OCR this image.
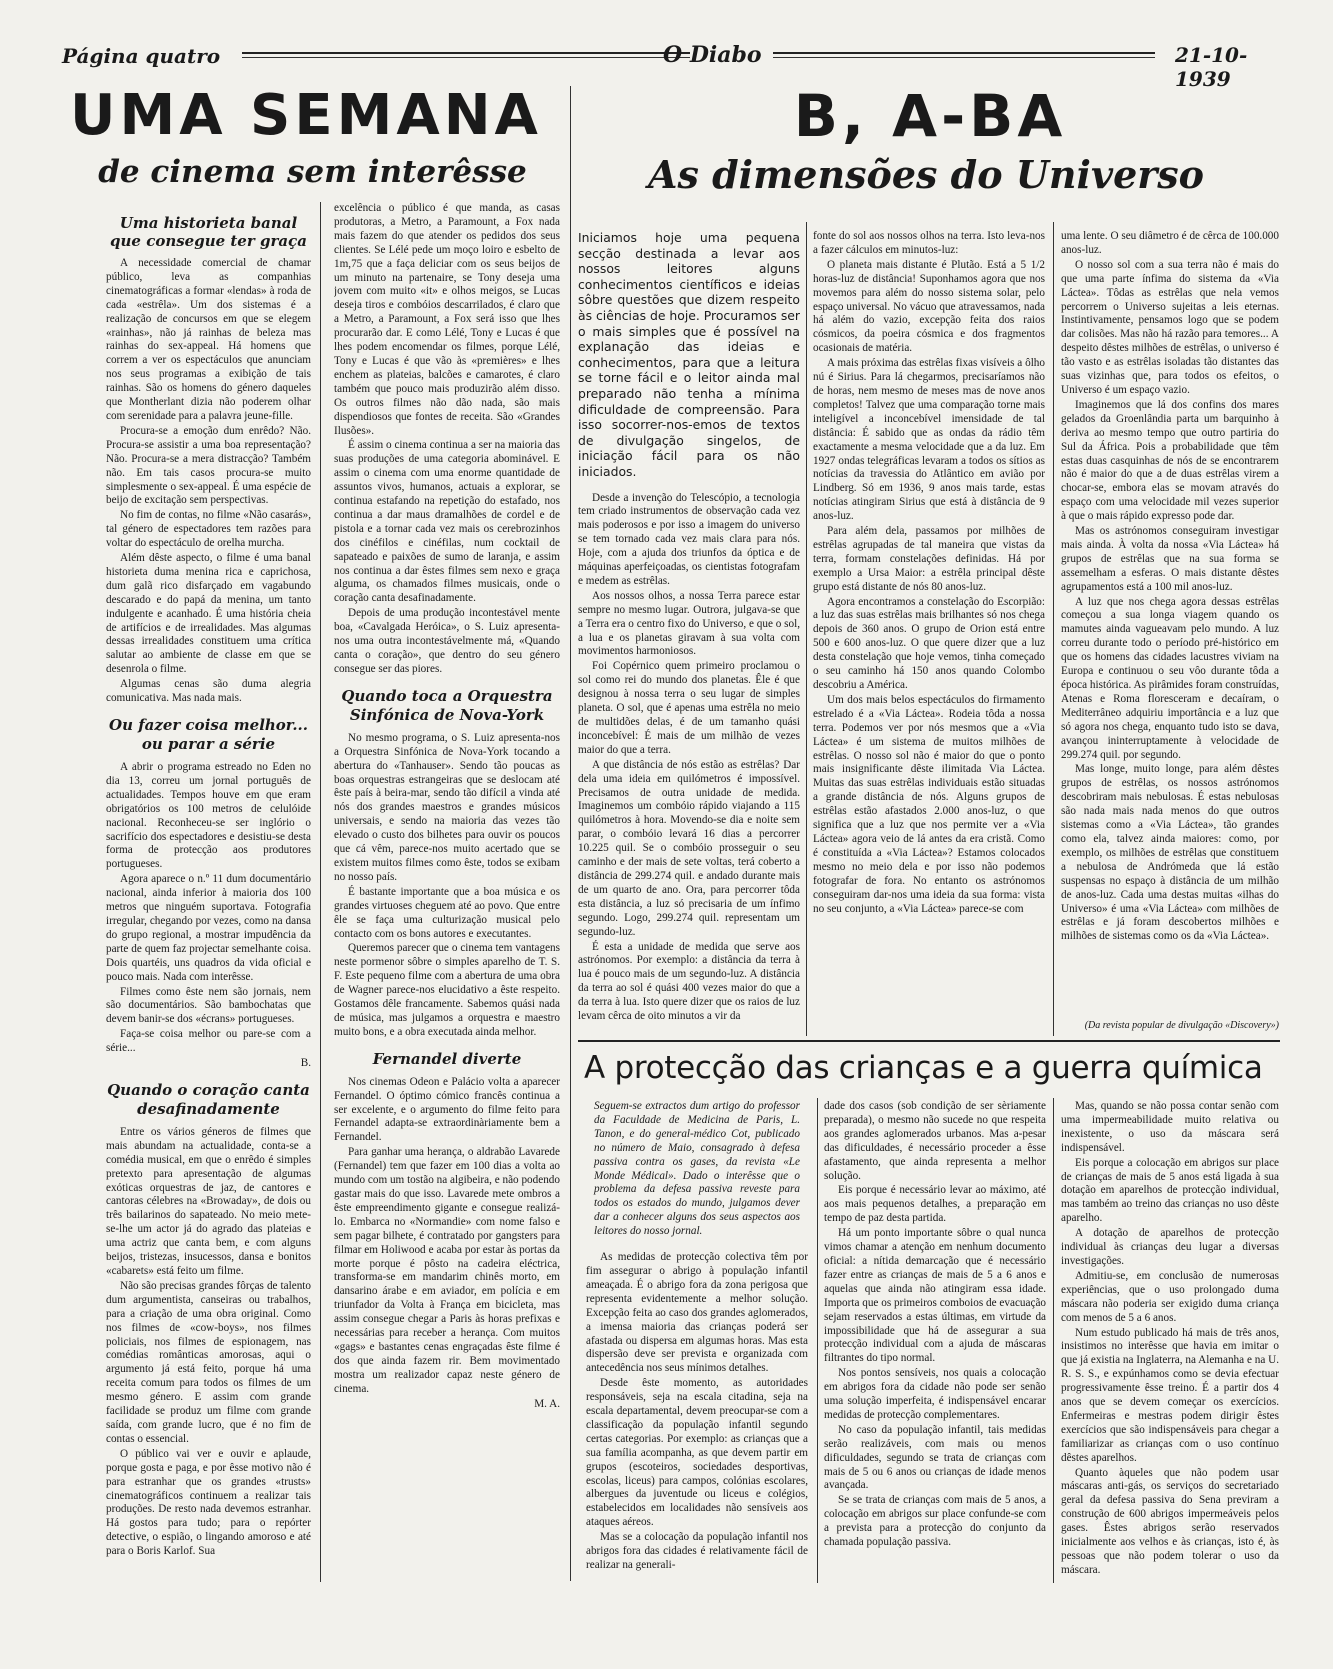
Página quatro	O Diabo	21-10-1939
UMA SEMANA
de cinema sem interêsse
Uma historieta banal
que consegue ter graça

A necessidade comercial de chamar público, leva as companhias cinematográficas a formar «lendas» à roda de cada «estrêla». Um dos sistemas é a realização de concursos em que se elegem «rainhas», não já rainhas de beleza mas rainhas do sex-appeal. Há homens que correm a ver os espectáculos que anunciam nos seus programas a exibição de tais rainhas. São os homens do género daqueles que Montherlant dizia não poderem olhar com serenidade para a palavra jeune-fille.

Procura-se a emoção dum enrêdo? Não. Procura-se assistir a uma boa representação? Não. Procura-se a mera distracção? Também não. Em tais casos procura-se muito simplesmente o sex-appeal. É uma espécie de beijo de excitação sem perspectivas.

No fim de contas, no filme «Não casarás», tal género de espectadores tem razões para voltar do espectáculo de orelha murcha.

Além dêste aspecto, o filme é uma banal historieta duma menina rica e caprichosa, dum galã rico disfarçado em vagabundo descarado e do papá da menina, um tanto indulgente e acanhado. É uma história cheia de artifícios e de irrealidades. Mas algumas dessas irrealidades constituem uma crítica salutar ao ambiente de classe em que se desenrola o filme.

Algumas cenas são duma alegria comunicativa. Mas nada mais.

Ou fazer coisa melhor...
ou parar a série

A abrir o programa estreado no Eden no dia 13, correu um jornal português de actualidades. Tempos houve em que eram obrigatórios os 100 metros de celulóide nacional. Reconheceu-se ser inglório o sacrifício dos espectadores e desistiu-se desta forma de protecção aos produtores portugueses.

Agora aparece o n.º 11 dum documentário nacional, ainda inferior à maioria dos 100 metros que ninguém suportava. Fotografia irregular, chegando por vezes, como na dansa do grupo regional, a mostrar impudência da parte de quem faz projectar semelhante coisa. Dois quartéis, uns quadros da vida oficial e pouco mais. Nada com interêsse.

Filmes como êste nem são jornais, nem são documentários. São bambochatas que devem banir-se dos «écrans» portugueses.

Faça-se coisa melhor ou pare-se com a série...

B.

Quando o coração canta
desafinadamente

Entre os vários géneros de filmes que mais abundam na actualidade, conta-se a comédia musical, em que o enrêdo é simples pretexto para apresentação de algumas exóticas orquestras de jaz, de cantores e cantoras célebres na «Browaday», de dois ou três bailarinos do sapateado. No meio mete-se-lhe um actor já do agrado das plateias e uma actriz que canta bem, e com alguns beijos, tristezas, insucessos, dansa e bonitos «cabarets» está feito um filme.

Não são precisas grandes fôrças de talento dum argumentista, canseiras ou trabalhos, para a criação de uma obra original. Como nos filmes de «cow-boys», nos filmes policiais, nos filmes de espionagem, nas comédias românticas amorosas, aqui o argumento já está feito, porque há uma receita comum para todos os filmes de um mesmo género. E assim com grande facilidade se produz um filme com grande saída, com grande lucro, que é no fim de contas o essencial.

O público vai ver e ouvir e aplaude, porque gosta e paga, e por êsse motivo não é para estranhar que os grandes «trusts» cinematográficos continuem a realizar tais produções. De resto nada devemos estranhar. Há gostos para tudo; para o repórter detective, o espião, o lingando amoroso e até para o Boris Karlof. Sua

excelência o público é que manda, as casas produtoras, a Metro, a Paramount, a Fox nada mais fazem do que atender os pedidos dos seus clientes. Se Lélé pede um moço loiro e esbelto de 1m,75 que a faça deliciar com os seus beijos de um minuto na partenaire, se Tony deseja uma jovem com muito «it» e olhos meigos, se Lucas deseja tiros e combóios descarrilados, é claro que a Metro, a Paramount, a Fox será isso que lhes procurarão dar. E como Lélé, Tony e Lucas é que lhes podem encomendar os filmes, porque Lélé, Tony e Lucas é que vão às «premières» e lhes enchem as plateias, balcões e camarotes, é claro também que pouco mais produzirão além disso. Os outros filmes não dão nada, são mais dispendiosos que fontes de receita. São «Grandes Ilusões».

É assim o cinema continua a ser na maioria das suas produções de uma categoria abominável. E assim o cinema com uma enorme quantidade de assuntos vivos, humanos, actuais a explorar, se continua estafando na repetição do estafado, nos continua a dar maus dramalhões de cordel e de pistola e a tornar cada vez mais os cerebrozinhos dos cinéfilos e cinéfilas, num cocktail de sapateado e paixões de sumo de laranja, e assim nos continua a dar êstes filmes sem nexo e graça alguma, os chamados filmes musicais, onde o coração canta desafinadamente.

Depois de uma produção incontestável mente boa, «Cavalgada Heróica», o S. Luiz apresenta-nos uma outra incontestávelmente má, «Quando canta o coração», que dentro do seu género consegue ser das piores.

Quando toca a Orquestra
Sinfónica de Nova-York

No mesmo programa, o S. Luiz apresenta-nos a Orquestra Sinfónica de Nova-York tocando a abertura do «Tanhauser». Sendo tão poucas as boas orquestras estrangeiras que se deslocam até êste país à beira-mar, sendo tão difícil a vinda até nós dos grandes maestros e grandes músicos universais, e sendo na maioria das vezes tão elevado o custo dos bilhetes para ouvir os poucos que cá vêm, parece-nos muito acertado que se existem muitos filmes como êste, todos se exibam no nosso país.

É bastante importante que a boa música e os grandes virtuoses cheguem até ao povo. Que entre êle se faça uma culturização musical pelo contacto com os bons autores e executantes.

Queremos parecer que o cinema tem vantagens neste pormenor sôbre o simples aparelho de T. S. F. Este pequeno filme com a abertura de uma obra de Wagner parece-nos elucidativo a êste respeito. Gostamos dêle francamente. Sabemos quási nada de música, mas julgamos a orquestra e maestro muito bons, e a obra executada ainda melhor.

Fernandel diverte

Nos cinemas Odeon e Palácio volta a aparecer Fernandel. O óptimo cómico francês continua a ser excelente, e o argumento do filme feito para Fernandel adapta-se extraordinàriamente bem a Fernandel.

Para ganhar uma herança, o aldrabão Lavarede (Fernandel) tem que fazer em 100 dias a volta ao mundo com um tostão na algibeira, e não podendo gastar mais do que isso. Lavarede mete ombros a êste empreendimento gigante e consegue realizá-lo. Embarca no «Normandie» com nome falso e sem pagar bilhete, é contratado por gangsters para filmar em Holiwood e acaba por estar às portas da morte porque é pôsto na cadeira eléctrica, transforma-se em mandarim chinês morto, em dansarino árabe e em aviador, em polícia e em triunfador da Volta à França em bicicleta, mas assim consegue chegar a Paris às horas prefixas e necessárias para receber a herança. Com muitos «gags» e bastantes cenas engraçadas êste filme é dos que ainda fazem rir. Bem movimentado mostra um realizador capaz neste género de cinema.

M. A.

B, A-BA
As dimensões do Universo
Iniciamos hoje uma pequena secção destinada a levar aos nossos leitores alguns conhecimentos científicos e ideias sôbre questões que dizem respeito às ciências de hoje. Procuramos ser o mais simples que é possível na explanação das ideias e conhecimentos, para que a leitura se torne fácil e o leitor ainda mal preparado não tenha a mínima dificuldade de compreensão. Para isso socorrer-nos-emos de textos de divulgação singelos, de iniciação fácil para os não iniciados.

Desde a invenção do Telescópio, a tecnologia tem criado instrumentos de observação cada vez mais poderosos e por isso a imagem do universo se tem tornado cada vez mais clara para nós. Hoje, com a ajuda dos triunfos da óptica e de máquinas aperfeiçoadas, os cientistas fotografam e medem as estrêlas.

Aos nossos olhos, a nossa Terra parece estar sempre no mesmo lugar. Outrora, julgava-se que a Terra era o centro fixo do Universo, e que o sol, a lua e os planetas giravam à sua volta com movimentos harmoniosos.

Foi Copérnico quem primeiro proclamou o sol como rei do mundo dos planetas. Êle é que designou à nossa terra o seu lugar de simples planeta. O sol, que é apenas uma estrêla no meio de multidões delas, é de um tamanho quási inconcebível: É mais de um milhão de vezes maior do que a terra.

A que distância de nós estão as estrêlas? Dar dela uma ideia em quilómetros é impossível. Precisamos de outra unidade de medida. Imaginemos um combóio rápido viajando a 115 quilómetros à hora. Movendo-se dia e noite sem parar, o combóio levará 16 dias a percorrer 10.225 quil. Se o combóio prosseguir o seu caminho e der mais de sete voltas, terá coberto a distância de 299.274 quil. e andado durante mais de um quarto de ano. Ora, para percorrer tôda esta distância, a luz só precisaria de um ínfimo segundo. Logo, 299.274 quil. representam um segundo-luz.

É esta a unidade de medida que serve aos astrónomos. Por exemplo: a distância da terra à lua é pouco mais de um segundo-luz. A distância da terra ao sol é quási 400 vezes maior do que a da terra à lua. Isto quere dizer que os raios de luz levam cêrca de oito minutos a vir da

fonte do sol aos nossos olhos na terra. Isto leva-nos a fazer cálculos em minutos-luz:

O planeta mais distante é Plutão. Está a 5 1/2 horas-luz de distância! Suponhamos agora que nos movemos para além do nosso sistema solar, pelo espaço universal. No vácuo que atravessamos, nada há além do vazio, excepção feita dos raios cósmicos, da poeira cósmica e dos fragmentos ocasionais de matéria.

A mais próxima das estrêlas fixas visíveis a ôlho nú é Sirius. Para lá chegarmos, precisaríamos não de horas, nem mesmo de meses mas de nove anos completos! Talvez que uma comparação torne mais inteligível a inconcebível imensidade de tal distância: É sabido que as ondas da rádio têm exactamente a mesma velocidade que a da luz. Em 1927 ondas telegráficas levaram a todos os sítios as notícias da travessia do Atlântico em avião por Lindberg. Só em 1936, 9 anos mais tarde, estas notícias atingiram Sirius que está à distância de 9 anos-luz.

Para além dela, passamos por milhões de estrêlas agrupadas de tal maneira que vistas da terra, formam constelações definidas. Há por exemplo a Ursa Maior: a estrêla principal dêste grupo está distante de nós 80 anos-luz.

Agora encontramos a constelação do Escorpião: a luz das suas estrêlas mais brilhantes só nos chega depois de 360 anos. O grupo de Orion está entre 500 e 600 anos-luz. O que quere dizer que a luz desta constelação que hoje vemos, tinha começado o seu caminho há 150 anos quando Colombo descobriu a América.

Um dos mais belos espectáculos do firmamento estrelado é a «Via Láctea». Rodeia tôda a nossa terra. Podemos ver por nós mesmos que a «Via Láctea» é um sistema de muitos milhões de estrêlas. O nosso sol não é maior do que o ponto mais insignificante dêste ilimitada Via Láctea. Muitas das suas estrêlas individuais estão situadas a grande distância de nós. Alguns grupos de estrêlas estão afastados 2.000 anos-luz, o que significa que a luz que nos permite ver a «Via Láctea» agora veio de lá antes da era cristã. Como é constituída a «Via Láctea»? Estamos colocados mesmo no meio dela e por isso não podemos fotografar de fora. No entanto os astrónomos conseguiram dar-nos uma ideia da sua forma: vista no seu conjunto, a «Via Láctea» parece-se com

uma lente. O seu diâmetro é de cêrca de 100.000 anos-luz.

O nosso sol com a sua terra não é mais do que uma parte ínfima do sistema da «Via Láctea». Tôdas as estrêlas que nela vemos percorrem o Universo sujeitas a leis eternas. Instintivamente, pensamos logo que se podem dar colisões. Mas não há razão para temores... A despeito dêstes milhões de estrêlas, o universo é tão vasto e as estrêlas isoladas tão distantes das suas vizinhas que, para todos os efeitos, o Universo é um espaço vazio.

Imaginemos que lá dos confins dos mares gelados da Groenlândia parta um barquinho à deriva ao mesmo tempo que outro partiria do Sul da África. Pois a probabilidade que têm estas duas casquinhas de nós de se encontrarem não é maior do que a de duas estrêlas virem a chocar-se, embora elas se movam através do espaço com uma velocidade mil vezes superior à que o mais rápido expresso pode dar.

Mas os astrónomos conseguiram investigar mais ainda. À volta da nossa «Via Láctea» há grupos de estrêlas que na sua forma se assemelham a esferas. O mais distante dêstes agrupamentos está a 100 mil anos-luz.

A luz que nos chega agora dessas estrêlas começou a sua longa viagem quando os mamutes ainda vagueavam pelo mundo. A luz correu durante todo o período pré-histórico em que os homens das cidades lacustres viviam na Europa e continuou o seu vôo durante tôda a época histórica. As pirâmides foram construídas, Atenas e Roma floresceram e decaíram, o Mediterrâneo adquiriu importância e a luz que só agora nos chega, enquanto tudo isto se dava, avançou ininterruptamente à velocidade de 299.274 quil. por segundo.

Mas longe, muito longe, para além dêstes grupos de estrêlas, os nossos astrónomos descobriram mais nebulosas. É estas nebulosas são nada mais nada menos do que outros sistemas como a «Via Láctea», tão grandes como ela, talvez ainda maiores: como, por exemplo, os milhões de estrêlas que constituem a nebulosa de Andrómeda que lá estão suspensas no espaço à distância de um milhão de anos-luz. Cada uma destas muitas «ilhas do Universo» é uma «Via Láctea» com milhões de estrêlas e já foram descobertos milhões e milhões de sistemas como os da «Via Láctea».

(Da revista popular de divulgação «Discovery»)
A protecção das crianças e a guerra química
Seguem-se extractos dum artigo do professor da Faculdade de Medicina de Paris, L. Tanon, e do general-médico Cot, publicado no número de Maio, consagrado à defesa passiva contra os gases, da revista «Le Monde Médical». Dado o interêsse que o problema da defesa passiva reveste para todos os estados do mundo, julgamos dever dar a conhecer alguns dos seus aspectos aos leitores do nosso jornal.

As medidas de protecção colectiva têm por fim assegurar o abrigo à população infantil ameaçada. É o abrigo fora da zona perigosa que representa evidentemente a melhor solução. Excepção feita ao caso dos grandes aglomerados, a imensa maioria das crianças poderá ser afastada ou dispersa em algumas horas. Mas esta dispersão deve ser prevista e organizada com antecedência nos seus mínimos detalhes.

Desde êste momento, as autoridades responsáveis, seja na escala citadina, seja na escala departamental, devem preocupar-se com a classificação da população infantil segundo certas categorias. Por exemplo: as crianças que a sua família acompanha, as que devem partir em grupos (escoteiros, sociedades desportivas, escolas, liceus) para campos, colónias escolares, albergues da juventude ou liceus e colégios, estabelecidos em localidades não sensíveis aos ataques aéreos.

Mas se a colocação da população infantil nos abrigos fora das cidades é relativamente fácil de realizar na generali-

dade dos casos (sob condição de ser sèriamente preparada), o mesmo não sucede no que respeita aos grandes aglomerados urbanos. Mas a-pesar das dificuldades, é necessário proceder a êsse afastamento, que ainda representa a melhor solução.

Eis porque é necessário levar ao máximo, até aos mais pequenos detalhes, a preparação em tempo de paz desta partida.

Há um ponto importante sôbre o qual nunca vimos chamar a atenção em nenhum documento oficial: a nítida demarcação que é necessário fazer entre as crianças de mais de 5 a 6 anos e aquelas que ainda não atingiram essa idade. Importa que os primeiros comboios de evacuação sejam reservados a estas últimas, em virtude da impossibilidade que há de assegurar a sua protecção individual com a ajuda de máscaras filtrantes do tipo normal.

Nos pontos sensíveis, nos quais a colocação em abrigos fora da cidade não pode ser senão uma solução imperfeita, é indispensável encarar medidas de protecção complementares.

No caso da população infantil, tais medidas serão realizáveis, com mais ou menos dificuldades, segundo se trata de crianças com mais de 5 ou 6 anos ou crianças de idade menos avançada.

Se se trata de crianças com mais de 5 anos, a colocação em abrigos sur place confunde-se com a prevista para a protecção do conjunto da chamada população passiva.

Mas, quando se não possa contar senão com uma impermeabilidade muito relativa ou inexistente, o uso da máscara será indispensável.

Eis porque a colocação em abrigos sur place de crianças de mais de 5 anos está ligada à sua dotação em aparelhos de protecção individual, mas também ao treino das crianças no uso dêste aparelho.

A dotação de aparelhos de protecção individual às crianças deu lugar a diversas investigações.

Admitiu-se, em conclusão de numerosas experiências, que o uso prolongado duma máscara não poderia ser exigido duma criança com menos de 5 a 6 anos.

Num estudo publicado há mais de três anos, insistimos no interêsse que havia em imitar o que já existia na Inglaterra, na Alemanha e na U. R. S. S., e expúnhamos como se devia efectuar progressivamente êsse treino. É a partir dos 4 anos que se devem começar os exercícios. Enfermeiras e mestras podem dirigir êstes exercícios que são indispensáveis para chegar a familiarizar as crianças com o uso contínuo dêstes aparelhos.

Quanto àqueles que não podem usar máscaras anti-gás, os serviços do secretariado geral da defesa passiva do Sena previram a construção de 600 abrigos impermeáveis pelos gases. Êstes abrigos serão reservados inicialmente aos velhos e às crianças, isto é, às pessoas que não podem tolerar o uso da máscara.
